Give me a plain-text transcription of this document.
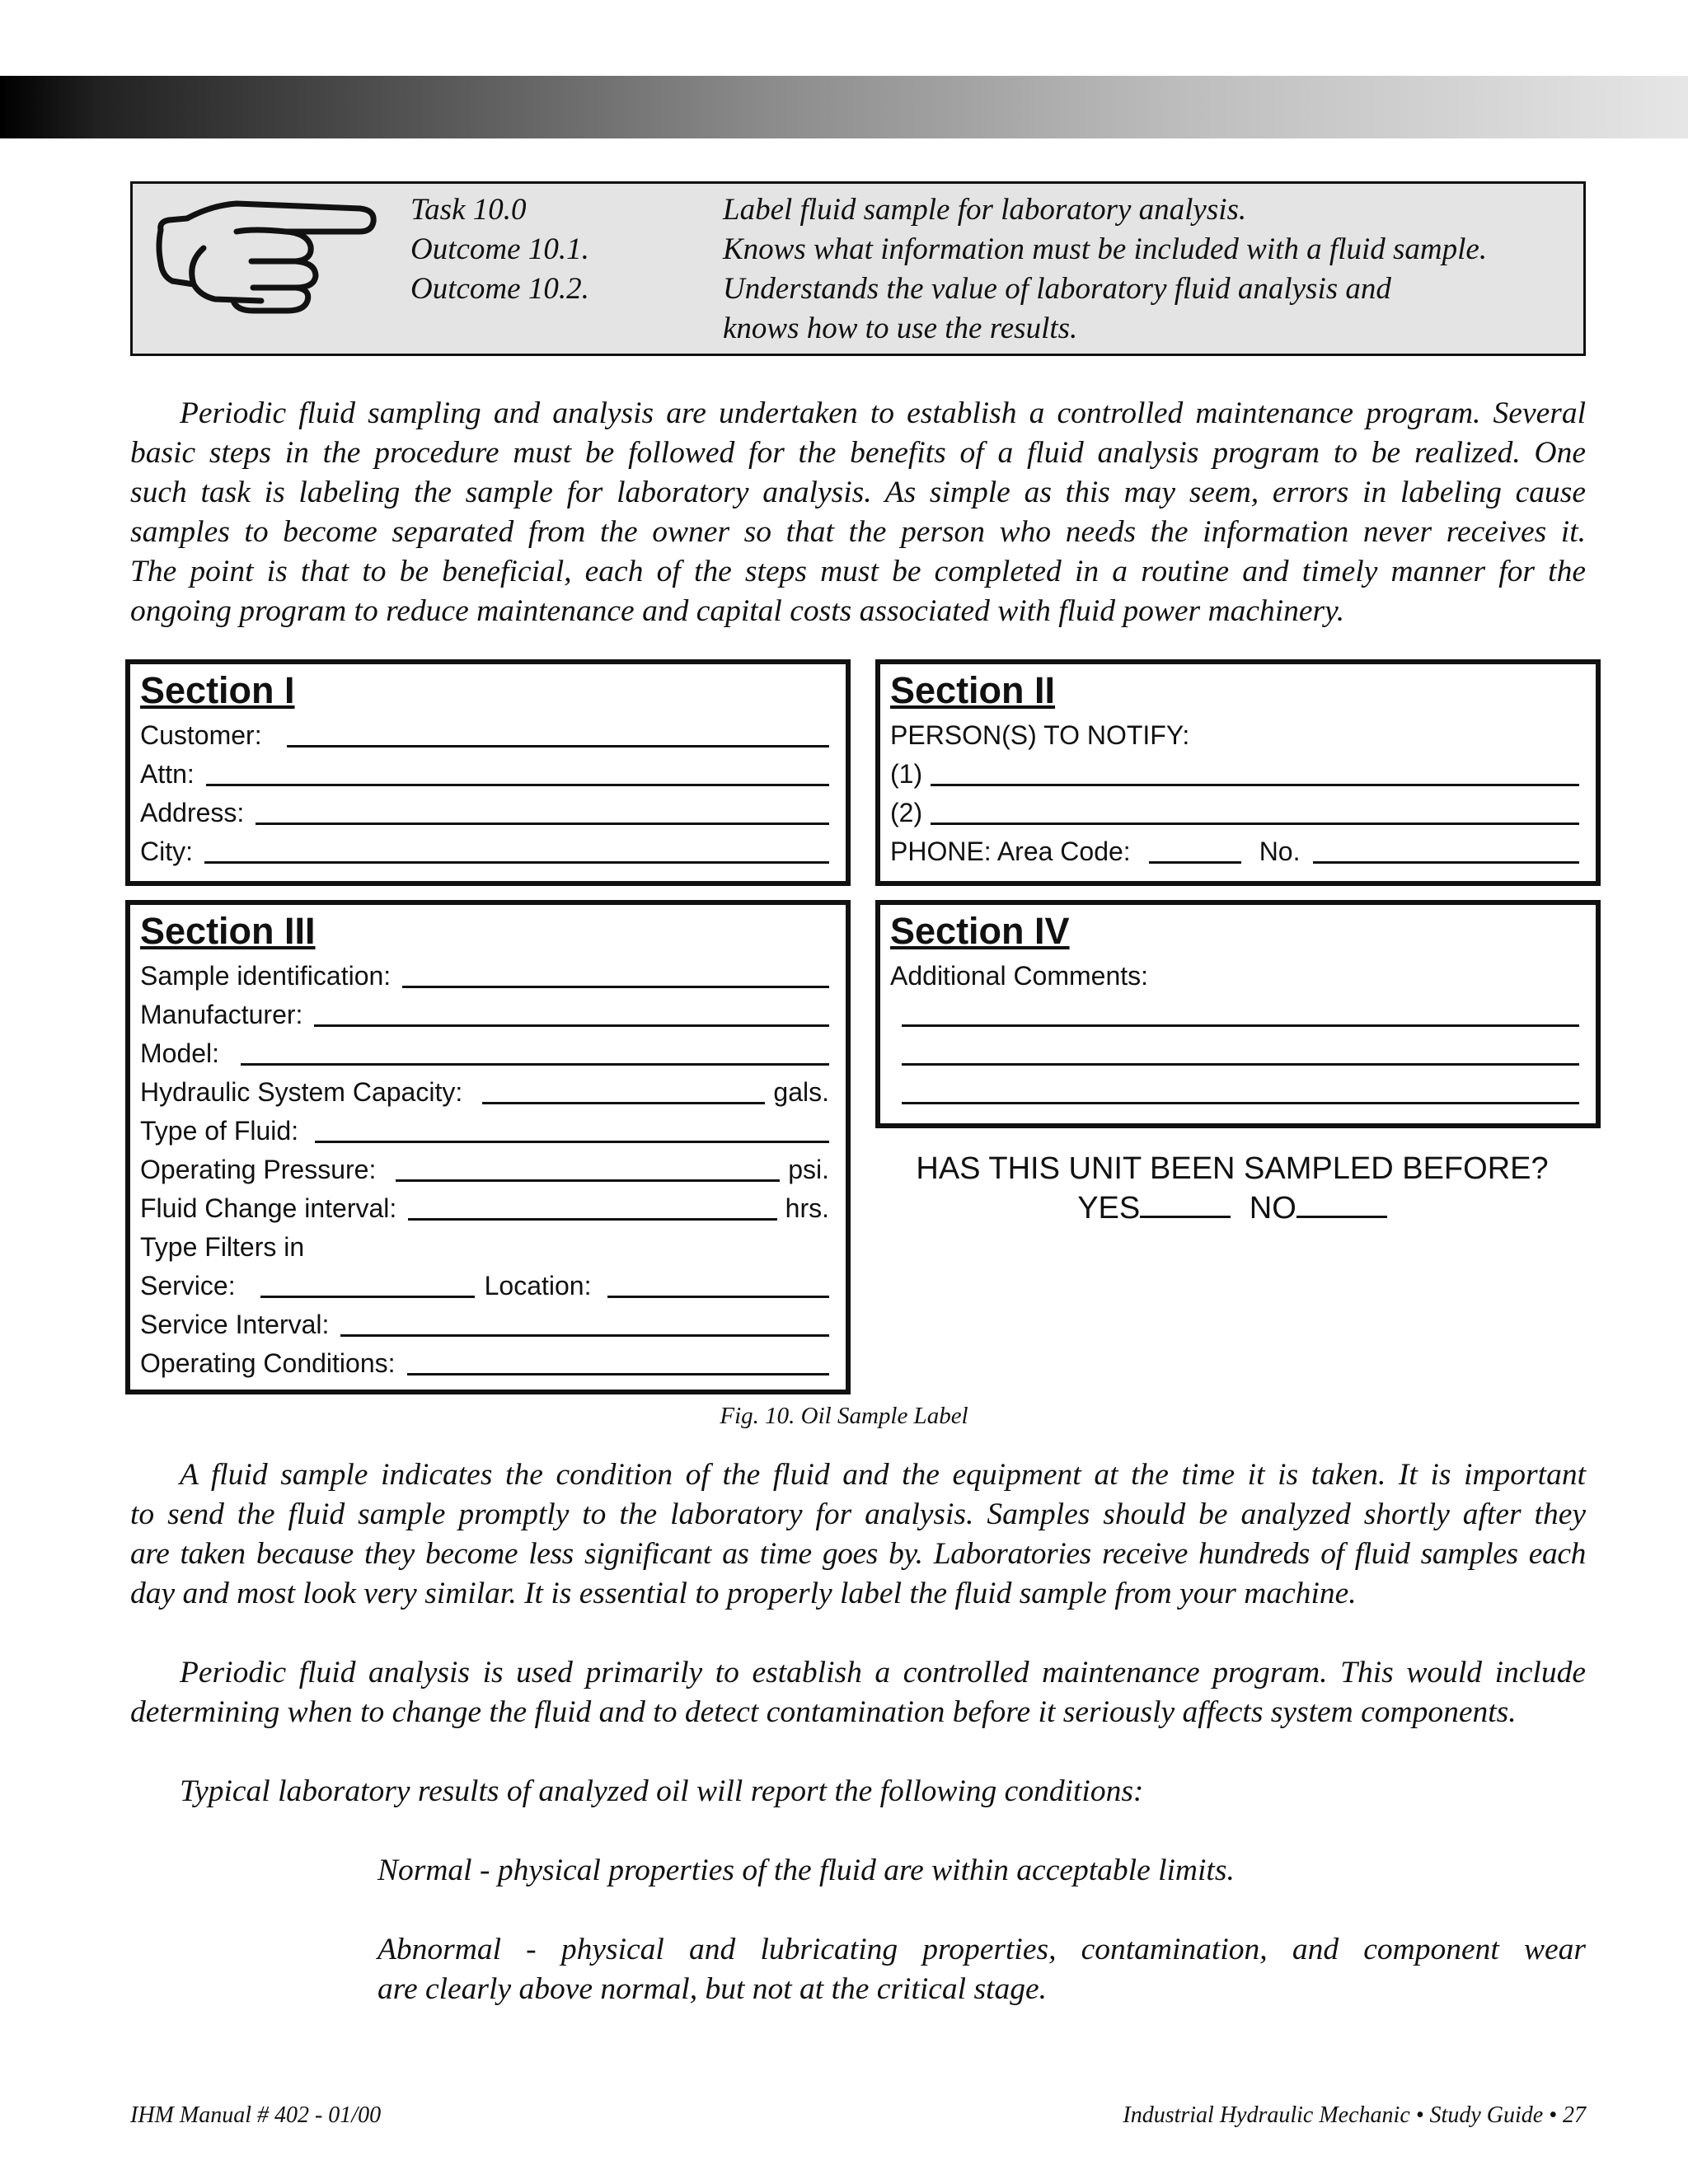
Task 10.0	Label fluid sample for laboratory analysis.
Outcome 10.1.	Knows what information must be included with a fluid sample.
Outcome 10.2.	Understands the value of laboratory fluid analysis and
knows how to use the results.
Periodic fluid sampling and analysis are undertaken to establish a controlled maintenance program. Several
basic steps in the procedure must be followed for the benefits of a fluid analysis program to be realized. One
such task is labeling the sample for laboratory analysis. As simple as this may seem, errors in labeling cause
samples to become separated from the owner so that the person who needs the information never receives it.
The point is that to be beneficial, each of the steps must be completed in a routine and timely manner for the
ongoing program to reduce maintenance and capital costs associated with fluid power machinery.
Section I
Customer:
Attn:
Address:
City:
Section II
PERSON(S) TO NOTIFY:
(1)
(2)
PHONE: Area Code:	No.
Section III
Sample identification:
Manufacturer:
Model:
Hydraulic System Capacity:	gals.
Type of Fluid:
Operating Pressure:	psi.
Fluid Change interval:	hrs.
Type Filters in
Service:	Location:
Service Interval:
Operating Conditions:
Section IV
Additional Comments:
HAS THIS UNIT BEEN SAMPLED BEFORE?
YES	NO
Fig. 10. Oil Sample Label
A fluid sample indicates the condition of the fluid and the equipment at the time it is taken. It is important
to send the fluid sample promptly to the laboratory for analysis. Samples should be analyzed shortly after they
are taken because they become less significant as time goes by. Laboratories receive hundreds of fluid samples each
day and most look very similar. It is essential to properly label the fluid sample from your machine.
Periodic fluid analysis is used primarily to establish a controlled maintenance program. This would include
determining when to change the fluid and to detect contamination before it seriously affects system components.
Typical laboratory results of analyzed oil will report the following conditions:
Normal - physical properties of the fluid are within acceptable limits.
Abnormal - physical and lubricating properties, contamination, and component wear
are clearly above normal, but not at the critical stage.
IHM Manual # 402 - 01/00	Industrial Hydraulic Mechanic • Study Guide • 27
